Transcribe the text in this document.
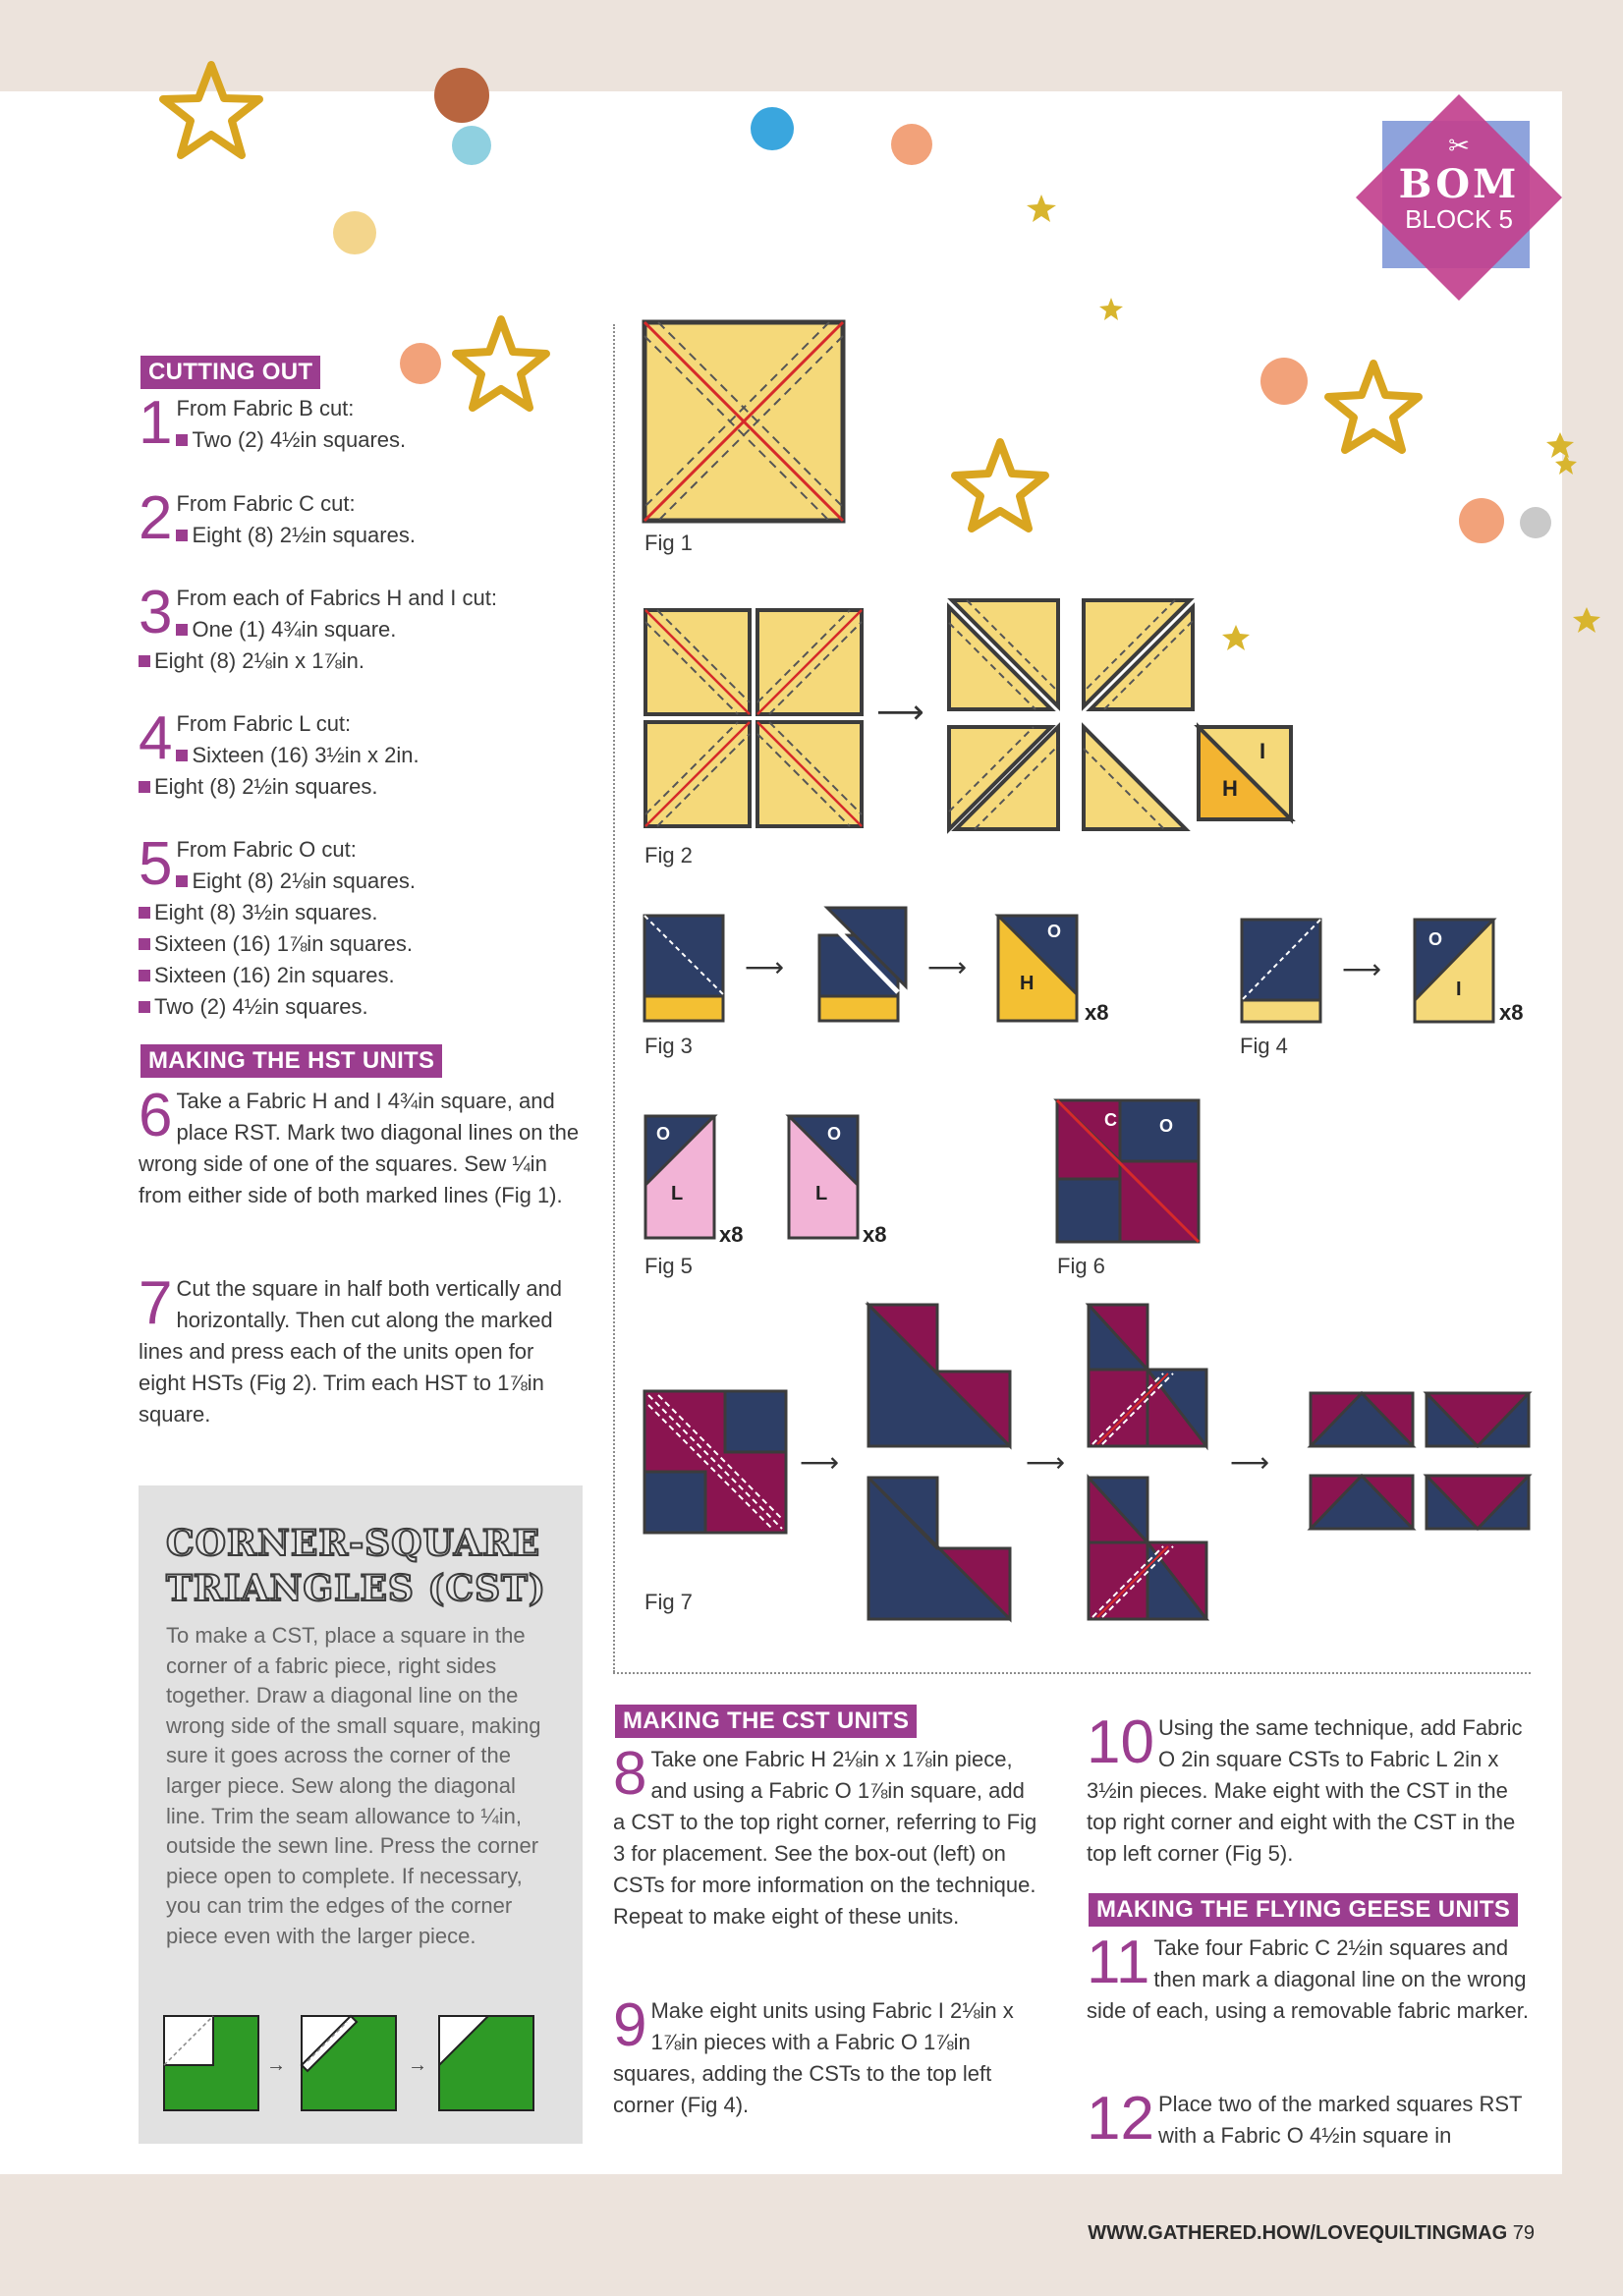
✂
BOM
BLOCK 5
CUTTING OUT
1 From Fabric B cut:
Two (2) 4½in squares.
2 From Fabric C cut:
Eight (8) 2½in squares.
3 From each of Fabrics H and I cut:
One (1) 4¾in square.
Eight (8) 2⅛in x 1⅞in.
4 From Fabric L cut:
Sixteen (16) 3½in x 2in.
Eight (8) 2½in squares.
5 From Fabric O cut:
Eight (8) 2⅛in squares.
Eight (8) 3½in squares.
Sixteen (16) 1⅞in squares.
Sixteen (16) 2in squares.
Two (2) 4½in squares.
MAKING THE HST UNITS
6 Take a Fabric H and I 4¾in square, and place RST. Mark two diagonal lines on the wrong side of one of the squares. Sew ¼in from either side of both marked lines (Fig 1).
7 Cut the square in half both vertically and horizontally. Then cut along the marked lines and press each of the units open for eight HSTs (Fig 2). Trim each HST to 1⅞in square.
CORNER-SQUARE TRIANGLES (CST)
To make a CST, place a square in the corner of a fabric piece, right sides together. Draw a diagonal line on the wrong side of the small square, making sure it goes across the corner of the larger piece. Sew along the diagonal line. Trim the seam allowance to ¼in, outside the sewn line. Press the corner piece open to complete. If necessary, you can trim the edges of the corner piece even with the larger piece.
→	→
Fig 1
⟶
I
H
Fig 2
⟶	⟶
O
H
x8
Fig 3
⟶
O
I
x8
Fig 4
O
L
x8
O
L
x8
Fig 5
C O
Fig 6
⟶	⟶	⟶
Fig 7
MAKING THE CST UNITS
8 Take one Fabric H 2⅛in x 1⅞in piece, and using a Fabric O 1⅞in square, add a CST to the top right corner, referring to Fig 3 for placement. See the box-out (left) on CSTs for more information on the technique. Repeat to make eight of these units.
9 Make eight units using Fabric I 2⅛in x 1⅞in pieces with a Fabric O 1⅞in squares, adding the CSTs to the top left corner (Fig 4).
10 Using the same technique, add Fabric O 2in square CSTs to Fabric L 2in x 3½in pieces. Make eight with the CST in the top right corner and eight with the CST in the top left corner (Fig 5).
MAKING THE FLYING GEESE UNITS
11 Take four Fabric C 2½in squares and then mark a diagonal line on the wrong side of each, using a removable fabric marker.
12 Place two of the marked squares RST with a Fabric O 4½in square in
WWW.GATHERED.HOW/LOVEQUILTINGMAG 79
